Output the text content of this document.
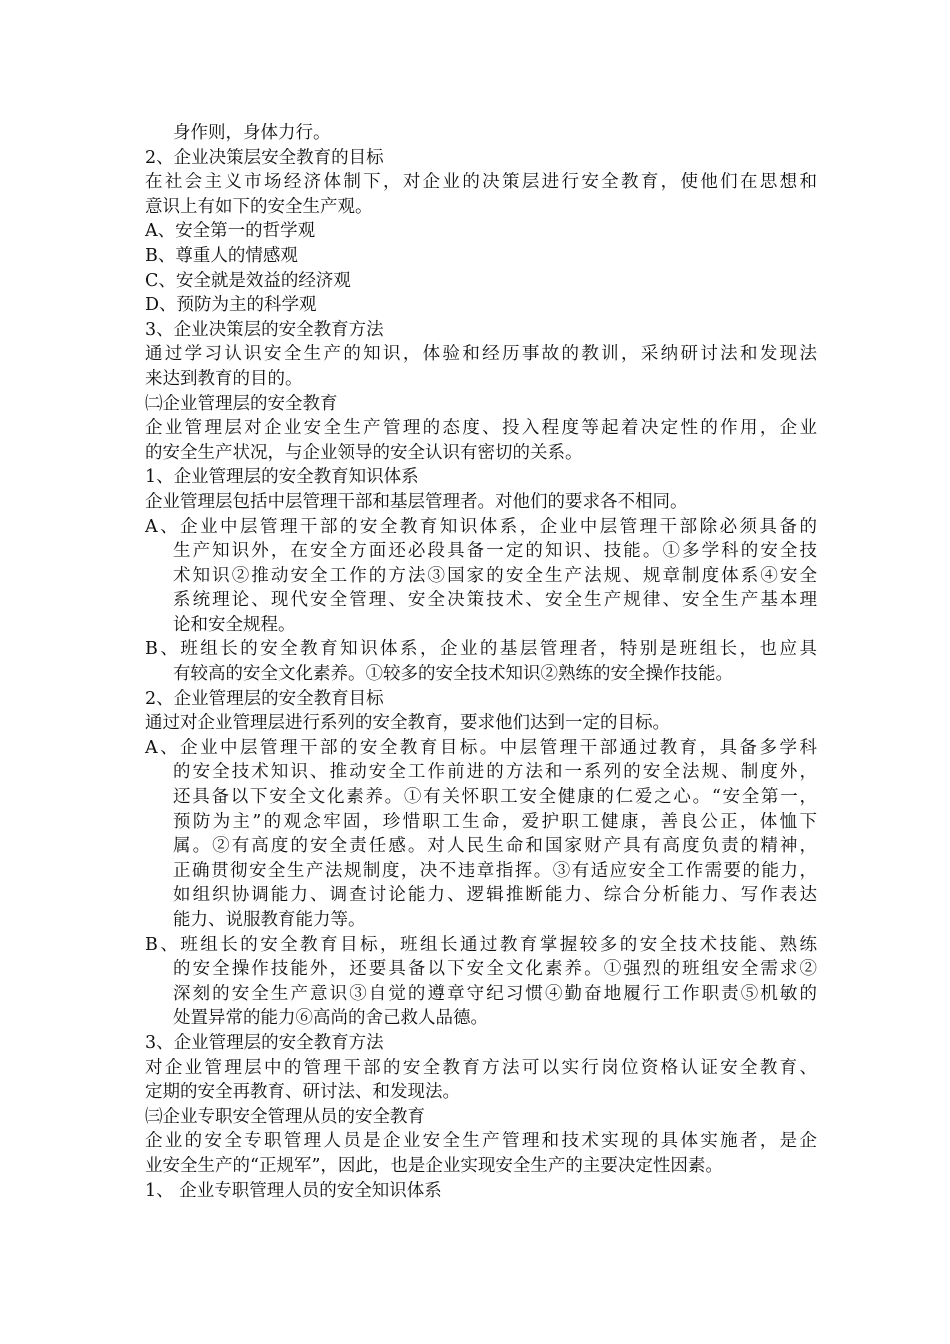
身作则，身体力行。
2、企业决策层安全教育的目标
在社会主义市场经济体制下，对企业的决策层进行安全教育，使他们在思想和
意识上有如下的安全生产观。
A、安全第一的哲学观
B、尊重人的情感观
C、安全就是效益的经济观
D、预防为主的科学观
3、企业决策层的安全教育方法
通过学习认识安全生产的知识，体验和经历事故的教训，采纳研讨法和发现法
来达到教育的目的。
㈡企业管理层的安全教育
企业管理层对企业安全生产管理的态度、投入程度等起着决定性的作用，企业
的安全生产状况，与企业领导的安全认识有密切的关系。
1、企业管理层的安全教育知识体系
企业管理层包括中层管理干部和基层管理者。对他们的要求各不相同。
A、企业中层管理干部的安全教育知识体系，企业中层管理干部除必须具备的
生产知识外，在安全方面还必段具备一定的知识、技能。①多学科的安全技
术知识②推动安全工作的方法③国家的安全生产法规、规章制度体系④安全
系统理论、现代安全管理、安全决策技术、安全生产规律、安全生产基本理
论和安全规程。
B、班组长的安全教育知识体系，企业的基层管理者，特别是班组长，也应具
有较高的安全文化素养。①较多的安全技术知识②熟练的安全操作技能。
2、企业管理层的安全教育目标
通过对企业管理层进行系列的安全教育，要求他们达到一定的目标。
A、企业中层管理干部的安全教育目标。中层管理干部通过教育，具备多学科
的安全技术知识、推动安全工作前进的方法和一系列的安全法规、制度外，
还具备以下安全文化素养。①有关怀职工安全健康的仁爱之心。“安全第一，
预防为主”的观念牢固，珍惜职工生命，爱护职工健康，善良公正，体恤下
属。②有高度的安全责任感。对人民生命和国家财产具有高度负责的精神，
正确贯彻安全生产法规制度，决不违章指挥。③有适应安全工作需要的能力，
如组织协调能力、调查讨论能力、逻辑推断能力、综合分析能力、写作表达
能力、说服教育能力等。
B、班组长的安全教育目标，班组长通过教育掌握较多的安全技术技能、熟练
的安全操作技能外，还要具备以下安全文化素养。①强烈的班组安全需求②
深刻的安全生产意识③自觉的遵章守纪习惯④勤奋地履行工作职责⑤机敏的
处置异常的能力⑥高尚的舍己救人品德。
3、企业管理层的安全教育方法
对企业管理层中的管理干部的安全教育方法可以实行岗位资格认证安全教育、
定期的安全再教育、研讨法、和发现法。
㈢企业专职安全管理从员的安全教育
企业的安全专职管理人员是企业安全生产管理和技术实现的具体实施者，是企
业安全生产的“正规军”，因此，也是企业实现安全生产的主要决定性因素。
1、 企业专职管理人员的安全知识体系
